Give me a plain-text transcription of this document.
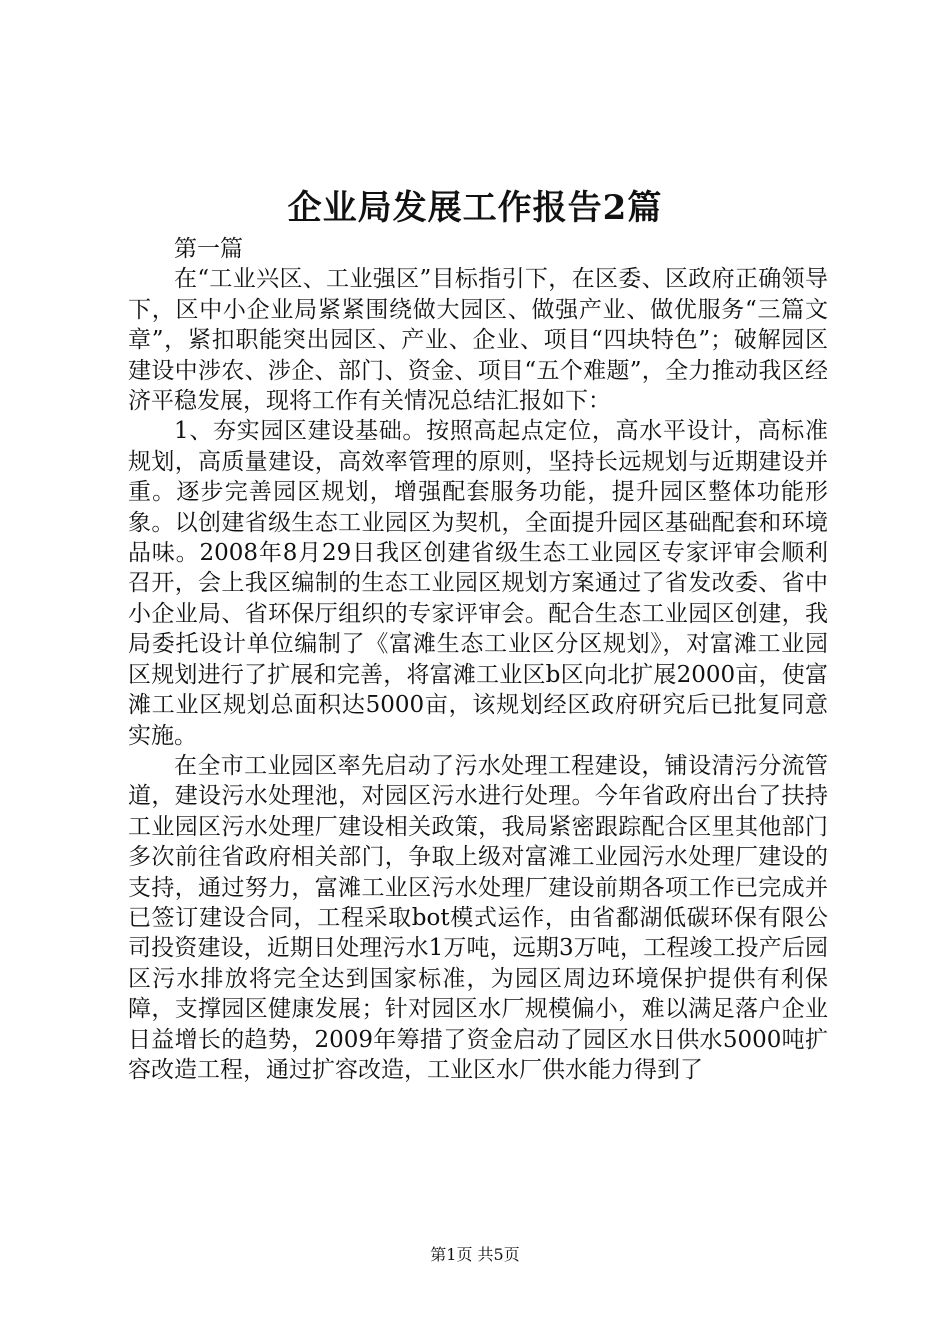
企业局发展工作报告2篇

第一篇

在“工业兴区、工业强区”目标指引下，在区委、区政府正确领导下，区中小企业局紧紧围绕做大园区、做强产业、做优服务“三篇文章”，紧扣职能突出园区、产业、企业、项目“四块特色”；破解园区建设中涉农、涉企、部门、资金、项目“五个难题”，全力推动我区经济平稳发展，现将工作有关情况总结汇报如下：

1、夯实园区建设基础。按照高起点定位，高水平设计，高标准规划，高质量建设，高效率管理的原则，坚持长远规划与近期建设并重。逐步完善园区规划，增强配套服务功能，提升园区整体功能形象。以创建省级生态工业园区为契机，全面提升园区基础配套和环境品味。2008年8月29日我区创建省级生态工业园区专家评审会顺利召开，会上我区编制的生态工业园区规划方案通过了省发改委、省中小企业局、省环保厅组织的专家评审会。配合生态工业园区创建，我局委托设计单位编制了《富滩生态工业区分区规划》，对富滩工业园区规划进行了扩展和完善，将富滩工业区b区向北扩展2000亩，使富滩工业区规划总面积达5000亩，该规划经区政府研究后已批复同意实施。

在全市工业园区率先启动了污水处理工程建设，铺设清污分流管道，建设污水处理池，对园区污水进行处理。今年省政府出台了扶持工业园区污水处理厂建设相关政策，我局紧密跟踪配合区里其他部门多次前往省政府相关部门，争取上级对富滩工业园污水处理厂建设的支持，通过努力，富滩工业区污水处理厂建设前期各项工作已完成并已签订建设合同，工程采取bot模式运作，由省鄱湖低碳环保有限公司投资建设，近期日处理污水1万吨，远期3万吨，工程竣工投产后园区污水排放将完全达到国家标准，为园区周边环境保护提供有利保障，支撑园区健康发展；针对园区水厂规模偏小，难以满足落户企业日益增长的趋势，2009年筹措了资金启动了园区水日供水5000吨扩容改造工程，通过扩容改造，工业区水厂供水能力得到了

第1页 共5页
